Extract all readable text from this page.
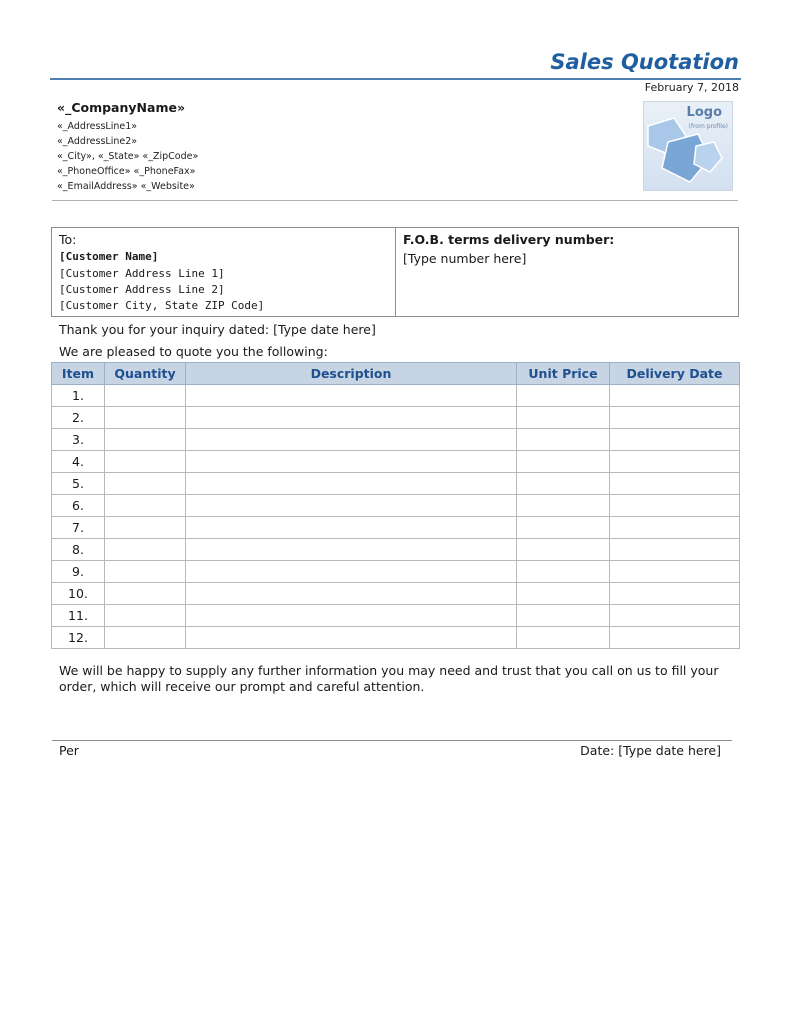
Sales Quotation
February 7, 2018
«_CompanyName»
«_AddressLine1»
«_AddressLine2»
«_City», «_State» «_ZipCode»
«_PhoneOffice» «_PhoneFax»
«_EmailAddress» «_Website»
Logo
(from profile)
To:
[Customer Name]
[Customer Address Line 1]
[Customer Address Line 2]
[Customer City, State ZIP Code]
F.O.B. terms delivery number:
[Type number here]
Thank you for your inquiry dated: [Type date here]
We are pleased to quote you the following:
Item	Quantity	Description	Unit Price	Delivery Date
1.				
2.				
3.				
4.				
5.				
6.				
7.				
8.				
9.				
10.				
11.				
12.				
We will be happy to supply any further information you may need and trust that you call on us to fill your order, which will receive our prompt and careful attention.
Per	Date: [Type date here]
